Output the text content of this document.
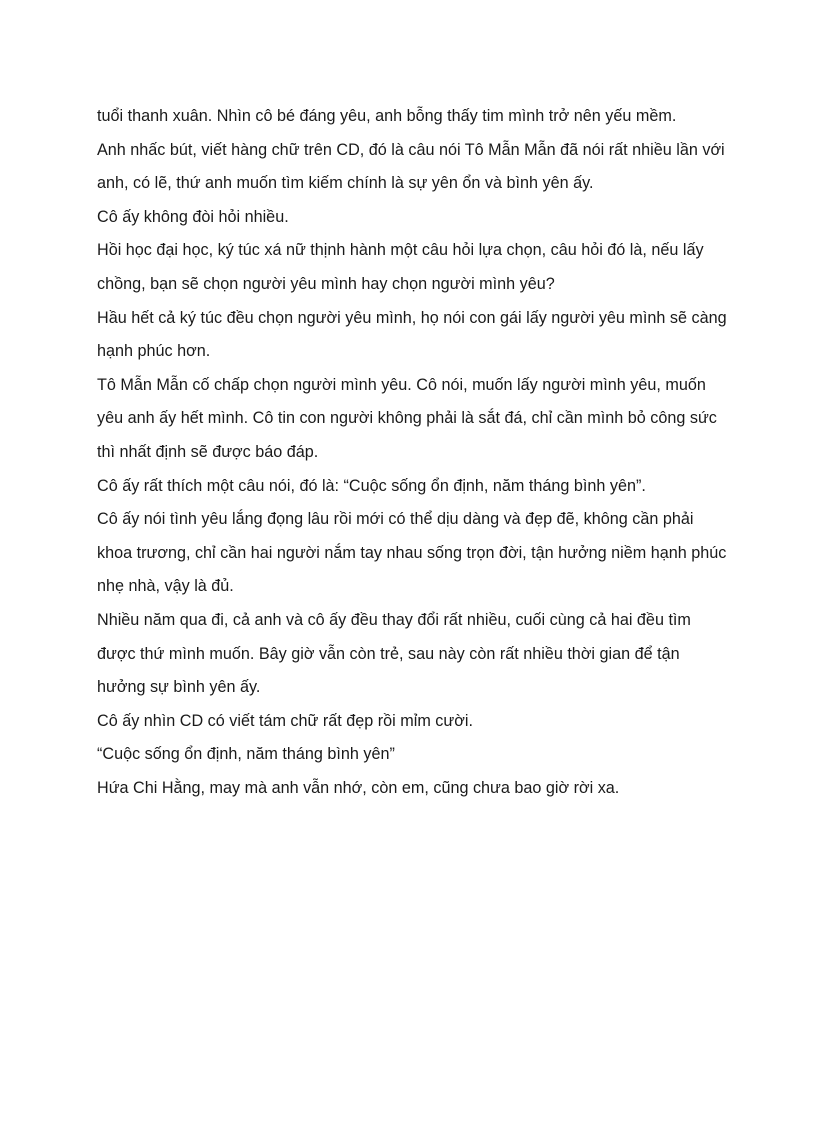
tuổi thanh xuân. Nhìn cô bé đáng yêu, anh bỗng thấy tim mình trở nên yếu mềm.

Anh nhấc bút, viết hàng chữ trên CD, đó là câu nói Tô Mẫn Mẫn đã nói rất nhiều lần với anh, có lẽ, thứ anh muốn tìm kiếm chính là sự yên ổn và bình yên ấy.

Cô ấy không đòi hỏi nhiều.

Hồi học đại học, ký túc xá nữ thịnh hành một câu hỏi lựa chọn, câu hỏi đó là, nếu lấy chồng, bạn sẽ chọn người yêu mình hay chọn người mình yêu?

Hầu hết cả ký túc đều chọn người yêu mình, họ nói con gái lấy người yêu mình sẽ càng hạnh phúc hơn.

Tô Mẫn Mẫn cố chấp chọn người mình yêu. Cô nói, muốn lấy người mình yêu, muốn yêu anh ấy hết mình. Cô tin con người không phải là sắt đá, chỉ cần mình bỏ công sức thì nhất định sẽ được báo đáp.

Cô ấy rất thích một câu nói, đó là: “Cuộc sống ổn định, năm tháng bình yên”.

Cô ấy nói tình yêu lắng đọng lâu rồi mới có thể dịu dàng và đẹp đẽ, không cần phải khoa trương, chỉ cần hai người nắm tay nhau sống trọn đời, tận hưởng niềm hạnh phúc nhẹ nhà, vậy là đủ.

Nhiều năm qua đi, cả anh và cô ấy đều thay đổi rất nhiều, cuối cùng cả hai đều tìm được thứ mình muốn. Bây giờ vẫn còn trẻ, sau này còn rất nhiều thời gian để tận hưởng sự bình yên ấy.

Cô ấy nhìn CD có viết tám chữ rất đẹp rồi mỉm cười.

“Cuộc sống ổn định, năm tháng bình yên”

Hứa Chi Hằng, may mà anh vẫn nhớ, còn em, cũng chưa bao giờ rời xa.
